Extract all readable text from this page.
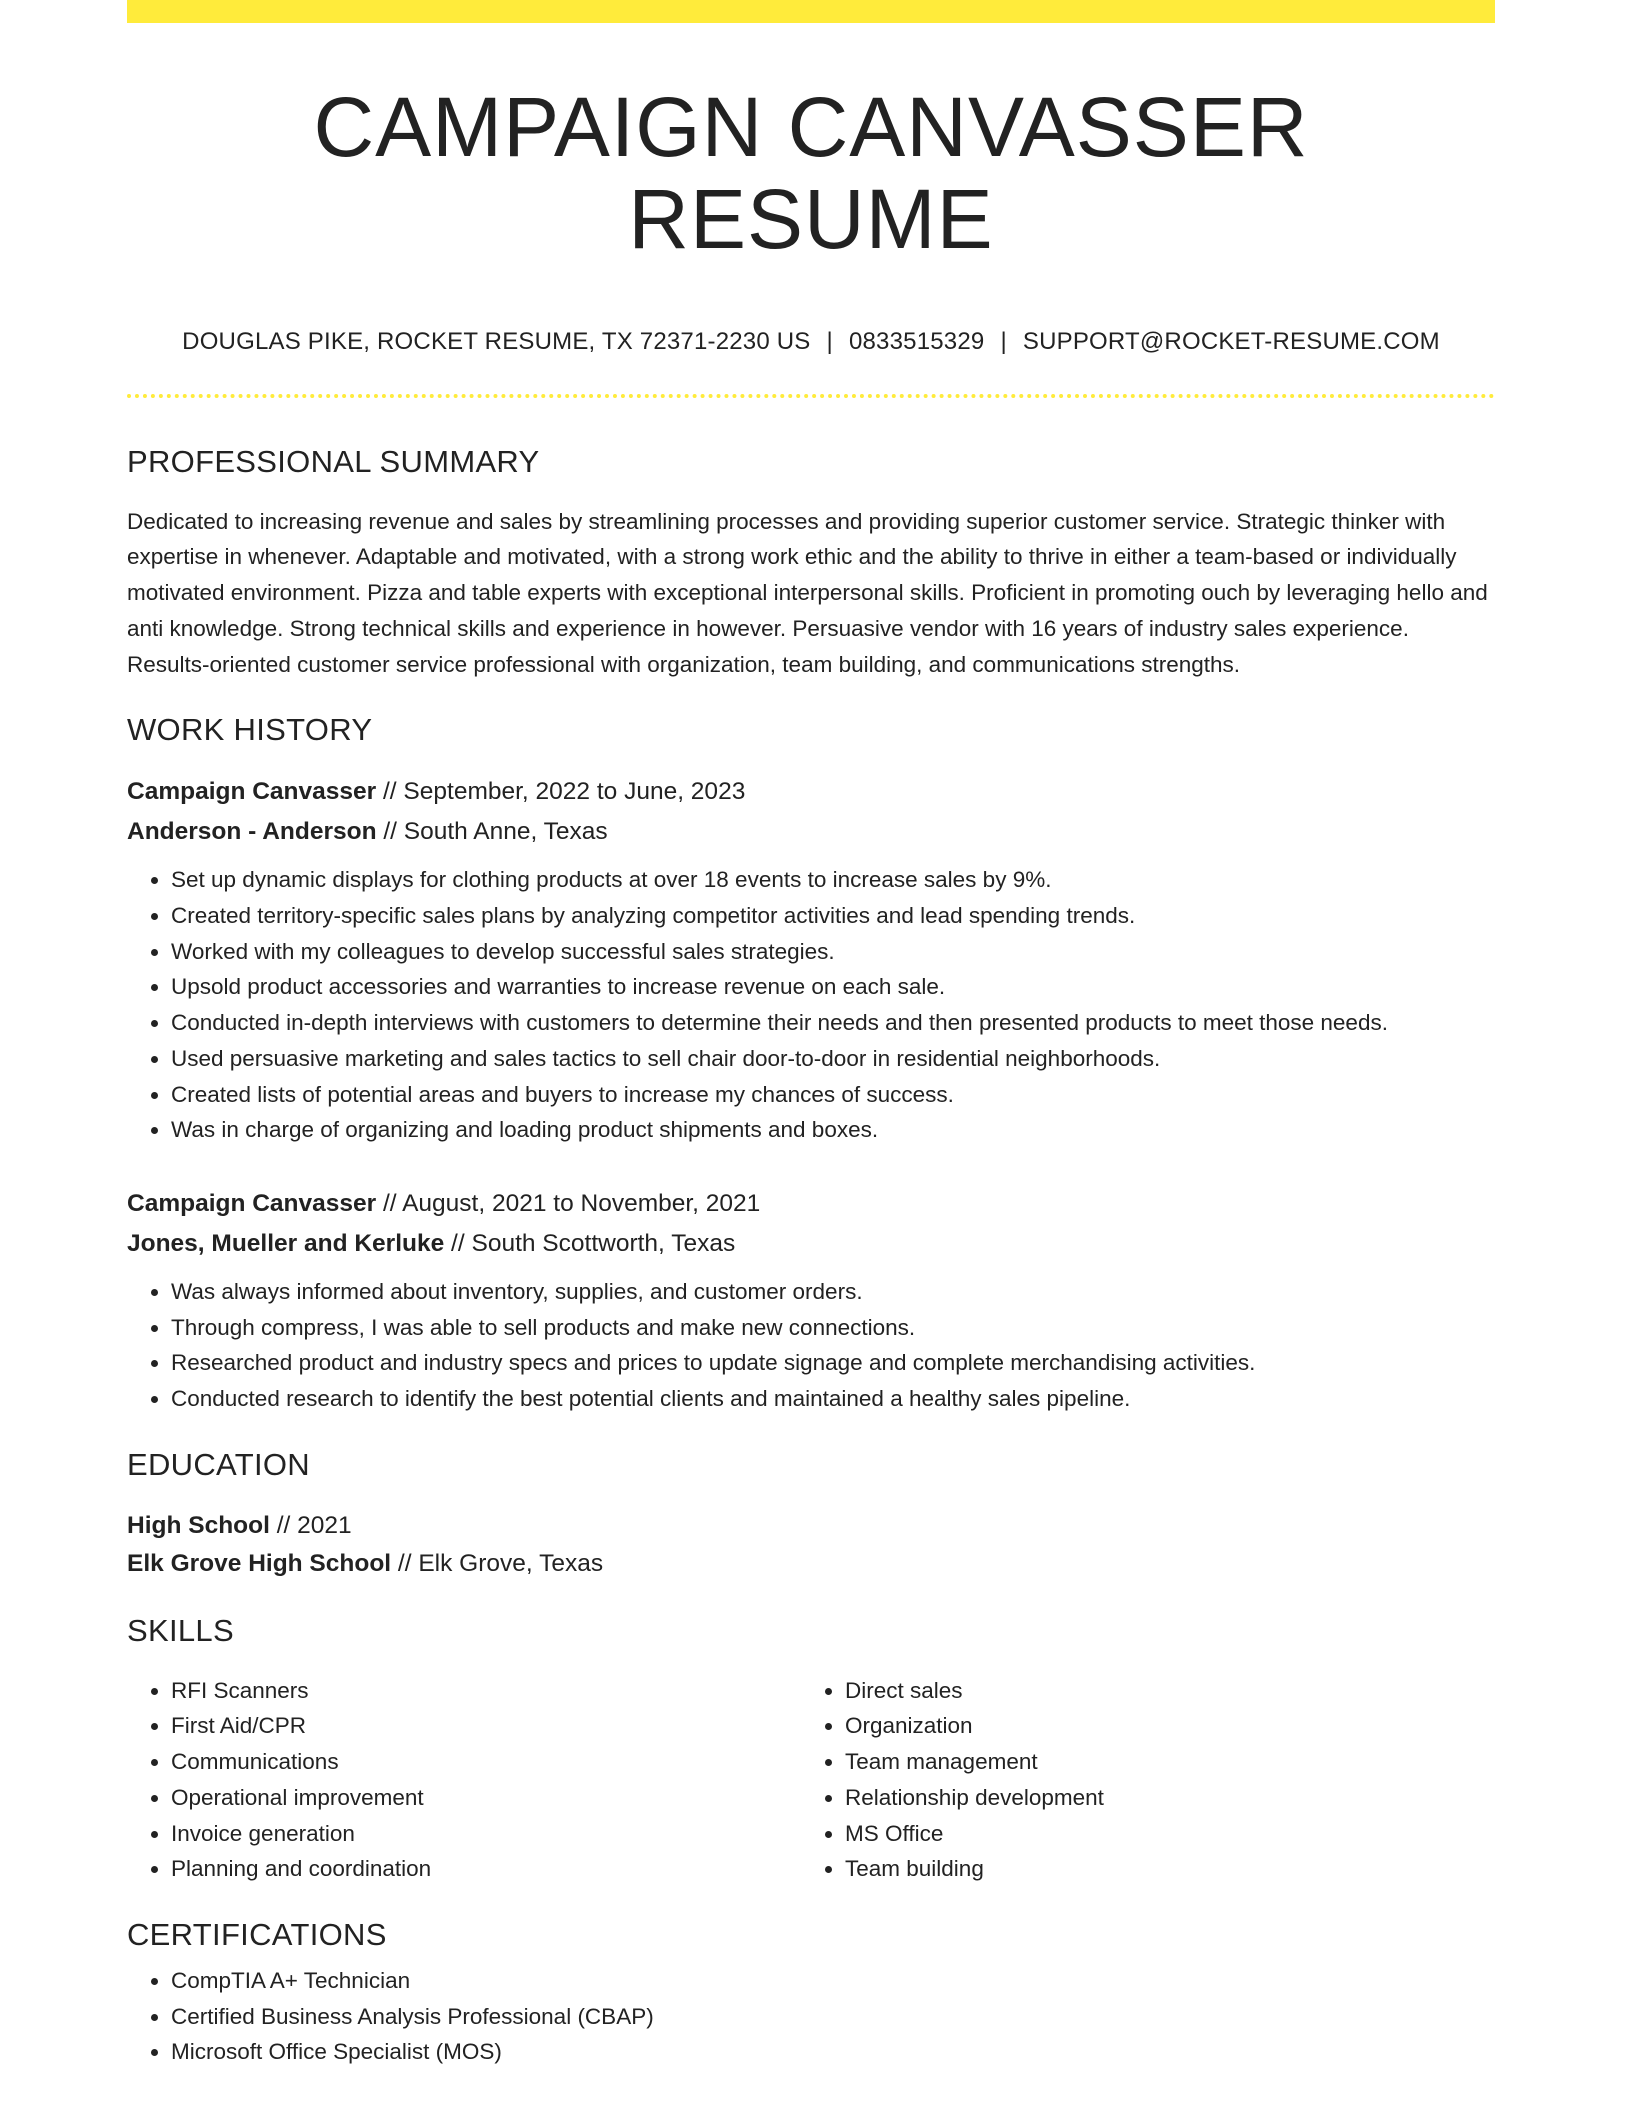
CAMPAIGN CANVASSER RESUME
DOUGLAS PIKE, ROCKET RESUME, TX 72371-2230 US | 0833515329 | SUPPORT@ROCKET-RESUME.COM
PROFESSIONAL SUMMARY

Dedicated to increasing revenue and sales by streamlining processes and providing superior customer service. Strategic thinker with expertise in whenever. Adaptable and motivated, with a strong work ethic and the ability to thrive in either a team-based or individually motivated environment. Pizza and table experts with exceptional interpersonal skills. Proficient in promoting ouch by leveraging hello and anti knowledge. Strong technical skills and experience in however. Persuasive vendor with 16 years of industry sales experience. Results-oriented customer service professional with organization, team building, and communications strengths.

WORK HISTORY
Campaign Canvasser // September, 2022 to June, 2023
Anderson - Anderson // South Anne, Texas
• Set up dynamic displays for clothing products at over 18 events to increase sales by 9%.
• Created territory-specific sales plans by analyzing competitor activities and lead spending trends.
• Worked with my colleagues to develop successful sales strategies.
• Upsold product accessories and warranties to increase revenue on each sale.
• Conducted in-depth interviews with customers to determine their needs and then presented products to meet those needs.
• Used persuasive marketing and sales tactics to sell chair door-to-door in residential neighborhoods.
• Created lists of potential areas and buyers to increase my chances of success.
• Was in charge of organizing and loading product shipments and boxes.
Campaign Canvasser // August, 2021 to November, 2021
Jones, Mueller and Kerluke // South Scottworth, Texas
• Was always informed about inventory, supplies, and customer orders.
• Through compress, I was able to sell products and make new connections.
• Researched product and industry specs and prices to update signage and complete merchandising activities.
• Conducted research to identify the best potential clients and maintained a healthy sales pipeline.
EDUCATION
High School // 2021
Elk Grove High School // Elk Grove, Texas
SKILLS
• RFI Scanners
• First Aid/CPR
• Communications
• Operational improvement
• Invoice generation
• Planning and coordination
• Direct sales
• Organization
• Team management
• Relationship development
• MS Office
• Team building
CERTIFICATIONS
• CompTIA A+ Technician
• Certified Business Analysis Professional (CBAP)
• Microsoft Office Specialist (MOS)
